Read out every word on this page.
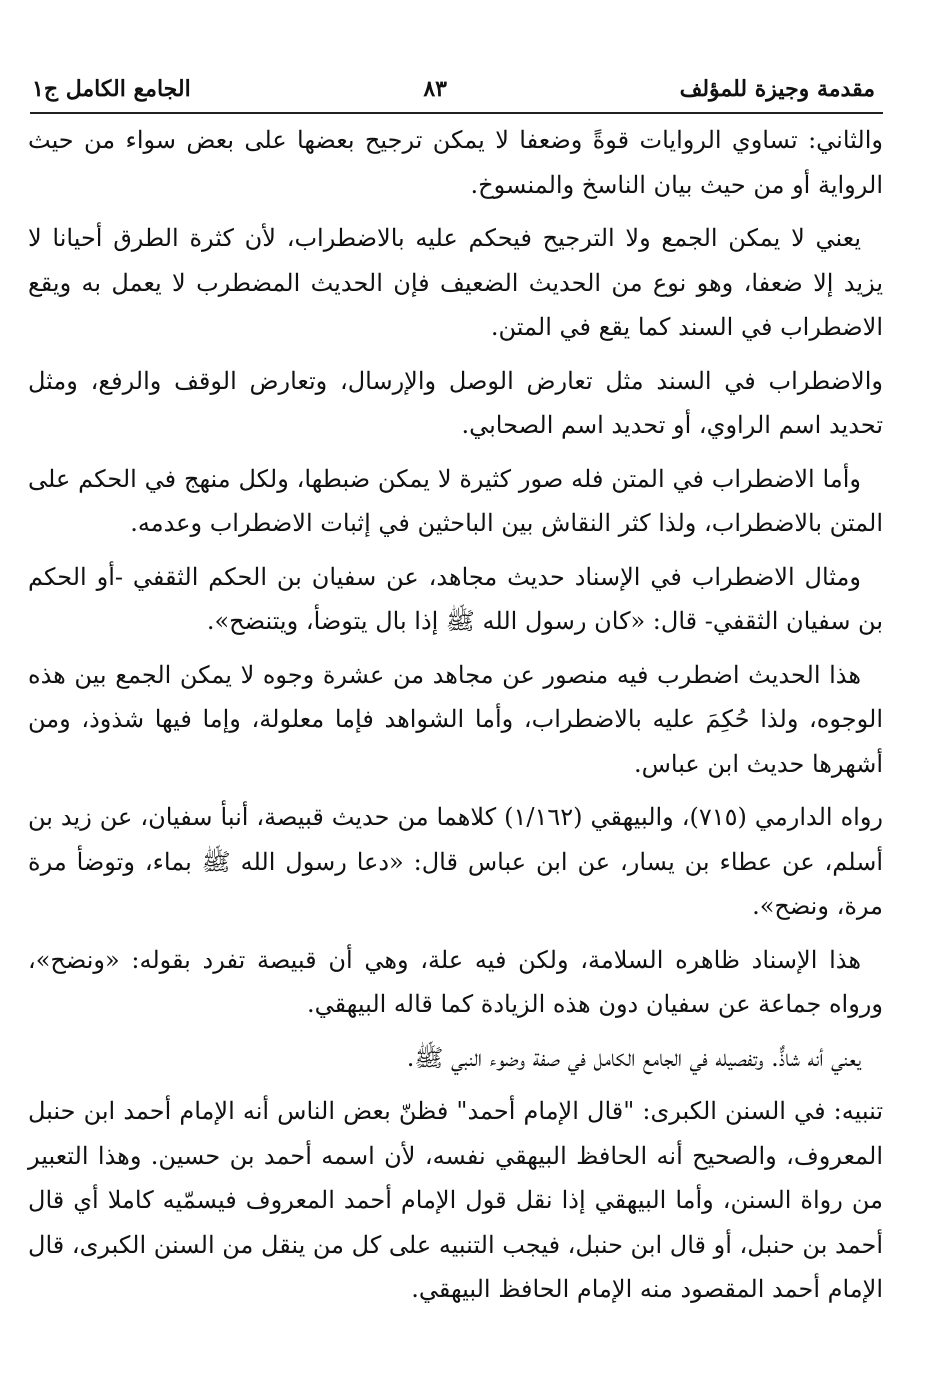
مقدمة وجيزة للمؤلف
٨٣
الجامع الكامل ج١

والثاني: تساوي الروايات قوةً وضعفا لا يمكن ترجيح بعضها على بعض سواء من حيث الرواية أو من حيث بيان الناسخ والمنسوخ.

يعني لا يمكن الجمع ولا الترجيح فيحكم عليه بالاضطراب، لأن كثرة الطرق أحيانا لا يزيد إلا ضعفا، وهو نوع من الحديث الضعيف فإن الحديث المضطرب لا يعمل به ويقع الاضطراب في السند كما يقع في المتن.

والاضطراب في السند مثل تعارض الوصل والإرسال، وتعارض الوقف والرفع، ومثل تحديد اسم الراوي، أو تحديد اسم الصحابي.

وأما الاضطراب في المتن فله صور كثيرة لا يمكن ضبطها، ولكل منهج في الحكم على المتن بالاضطراب، ولذا كثر النقاش بين الباحثين في إثبات الاضطراب وعدمه.

ومثال الاضطراب في الإسناد حديث مجاهد، عن سفيان بن الحكم الثقفي -أو الحكم بن سفيان الثقفي- قال: «كان رسول الله ﷺ إذا بال يتوضأ، ويتنضح».

هذا الحديث اضطرب فيه منصور عن مجاهد من عشرة وجوه لا يمكن الجمع بين هذه الوجوه، ولذا حُكِمَ عليه بالاضطراب، وأما الشواهد فإما معلولة، وإما فيها شذوذ، ومن أشهرها حديث ابن عباس.

رواه الدارمي (٧١٥)، والبيهقي (١/١٦٢) كلاهما من حديث قبيصة، أنبأ سفيان، عن زيد بن أسلم، عن عطاء بن يسار، عن ابن عباس قال: «دعا رسول الله ﷺ بماء، وتوضأ مرة مرة، ونضح».

هذا الإسناد ظاهره السلامة، ولكن فيه علة، وهي أن قبيصة تفرد بقوله: «ونضح»، ورواه جماعة عن سفيان دون هذه الزيادة كما قاله البيهقي.

يعني أنه شاذٌّ. وتفصيله في الجامع الكامل في صفة وضوء النبي ﷺ.

تنبيه: في السنن الكبرى: "قال الإمام أحمد" فظنّ بعض الناس أنه الإمام أحمد ابن حنبل المعروف، والصحيح أنه الحافظ البيهقي نفسه، لأن اسمه أحمد بن حسين. وهذا التعبير من رواة السنن، وأما البيهقي إذا نقل قول الإمام أحمد المعروف فيسمّيه كاملا أي قال أحمد بن حنبل، أو قال ابن حنبل، فيجب التنبيه على كل من ينقل من السنن الكبرى، قال الإمام أحمد المقصود منه الإمام الحافظ البيهقي.
